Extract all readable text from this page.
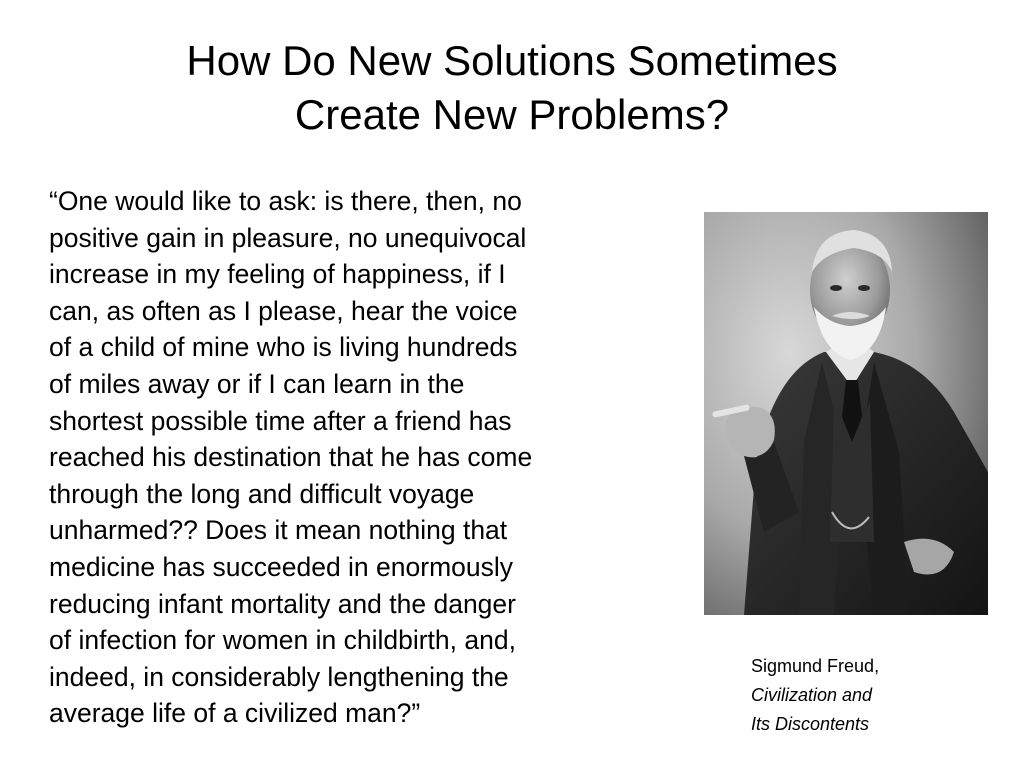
How Do New Solutions Sometimes
Create New Problems?
“One would like to ask: is there, then, no
positive gain in pleasure, no unequivocal
increase in my feeling of happiness, if I
can, as often as I please, hear the voice
of a child of mine who is living hundreds
of miles away or if I can learn in the
shortest possible time after a friend has
reached his destination that he has come
through the long and difficult voyage
unharmed?? Does it mean nothing that
medicine has succeeded in enormously
reducing infant mortality and the danger
of infection for women in childbirth, and,
indeed, in considerably lengthening the
average life of a civilized man?”
Sigmund Freud,
Civilization and
Its Discontents
